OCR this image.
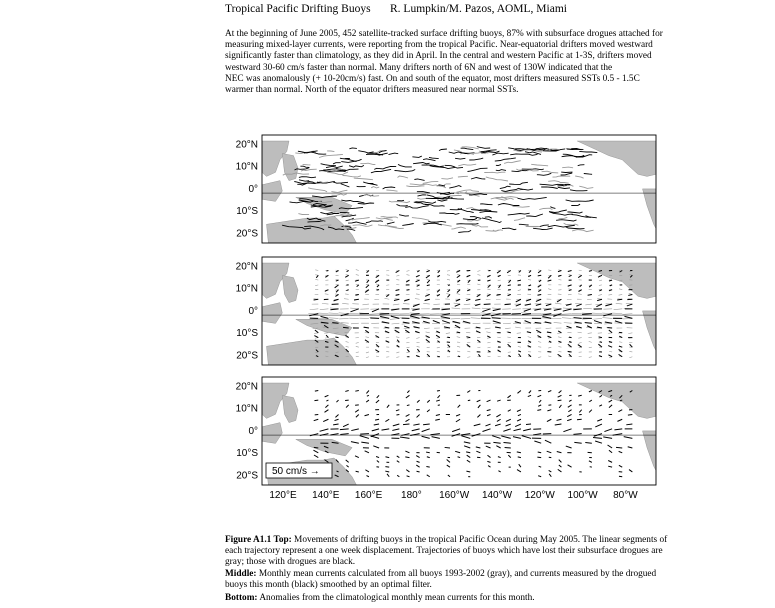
Tropical Pacific Drifting Buoys R. Lumpkin/M. Pazos, AOML, Miami
At the beginning of June 2005, 452 satellite-tracked surface drifting buoys, 87% with subsurface drogues attached for
measuring mixed-layer currents, were reporting from the tropical Pacific. Near-equatorial drifters moved westward
significantly faster than climatology, as they did in April. In the central and western Pacific at 1-3S, drifters moved
westward 30-60 cm/s faster than normal. Many drifters north of 6N and west of 130W indicated that the
NEC was anomalously (+ 10-20cm/s) fast. On and south of the equator, most drifters measured SSTs 0.5 - 1.5C
warmer than normal. North of the equator drifters measured near normal SSTs.
20°N
10°N
0°
10°S
20°S
20°N
10°N
0°
10°S
20°S
20°N
10°N
0°
10°S
20°S
120°E 140°E 160°E 180° 160°W 140°W 120°W 100°W 80°W
50 cm/s →
Figure A1.1 Top: Movements of drifting buoys in the tropical Pacific Ocean during May 2005. The linear segments of
each trajectory represent a one week displacement. Trajectories of buoys which have lost their subsurface drogues are
gray; those with drogues are black.
Middle: Monthly mean currents calculated from all buoys 1993-2002 (gray), and currents measured by the drogued
buoys this month (black) smoothed by an optimal filter.
Bottom: Anomalies from the climatological monthly mean currents for this month.
